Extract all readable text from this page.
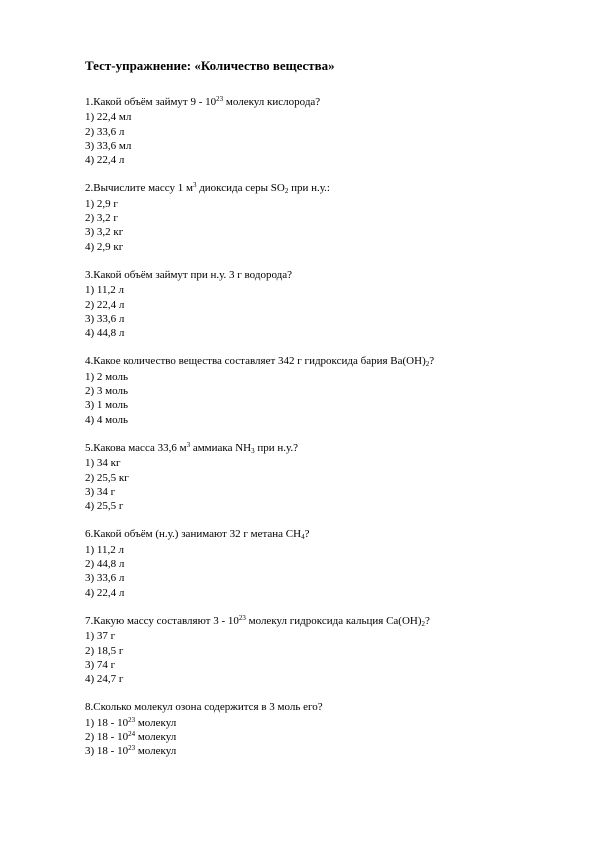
Тест-упражнение: «Количество вещества»
1.Какой объём займут $9 - 10^{23}$ молекул кислорода?
1) 22,4 мл
2) 33,6 л
3) 33,6 мл
4) 22,4 л
2.Вычислите массу 1 $м^3$ диоксида серы $SO_2$ при н.у.:
1) 2,9 г
2) 3,2 г
3) 3,2 кг
4) 2,9 кг
3.Какой объём займут при н.у. 3 г водорода?
1) 11,2 л
2) 22,4 л
3) 33,6 л
4) 44,8 л
4.Какое количество вещества составляет 342 г гидроксида бария $Ba(OH)_2$?
1) 2 моль
2) 3 моль
3) 1 моль
4) 4 моль
5.Какова масса 33,6 $м^3$ аммиака $NH_3$ при н.у.?
1) 34 кг
2) 25,5 кг
3) 34 г
4) 25,5 г
6.Какой объём (н.у.) занимают 32 г метана $CH_4$?
1) 11,2 л
2) 44,8 л
3) 33,6 л
4) 22,4 л
7.Какую массу составляют $3 - 10^{23}$ молекул гидроксида кальция $Ca(OH)_2$?
1) 37 г
2) 18,5 г
3) 74 г
4) 24,7 г
8.Сколько молекул озона содержится в 3 моль его?
1) $18 - 10^{23}$ молекул
2) $18 - 10^{24}$ молекул
3) $18 - 10^{23}$ молекул
